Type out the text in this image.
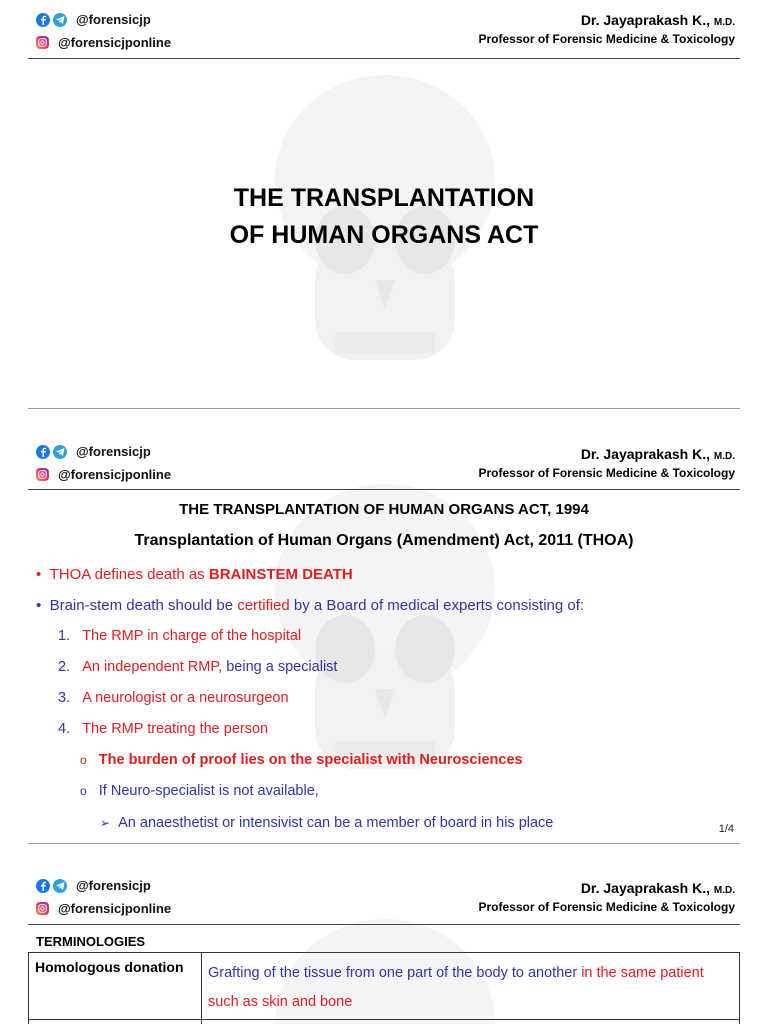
@forensicjp
@forensicjponline
Dr. Jayaprakash K., M.D.
Professor of Forensic Medicine & Toxicology
THE TRANSPLANTATION
OF HUMAN ORGANS ACT
@forensicjp
@forensicjponline
Dr. Jayaprakash K., M.D.
Professor of Forensic Medicine & Toxicology
THE TRANSPLANTATION OF HUMAN ORGANS ACT, 1994
Transplantation of Human Organs (Amendment) Act, 2011 (THOA)
•  THOA defines death as BRAINSTEM DEATH
•  Brain-stem death should be certified by a Board of medical experts consisting of:
1. The RMP in charge of the hospital
2. An independent RMP, being a specialist
3. A neurologist or a neurosurgeon
4. The RMP treating the person
o The burden of proof lies on the specialist with Neurosciences
o If Neuro-specialist is not available,
➢ An anaesthetist or intensivist can be a member of board in his place	1/4
@forensicjp
@forensicjponline
Dr. Jayaprakash K., M.D.
Professor of Forensic Medicine & Toxicology
TERMINOLOGIES
Homologous donation	Grafting of the tissue from one part of the body to another in the same patient such as skin and bone
